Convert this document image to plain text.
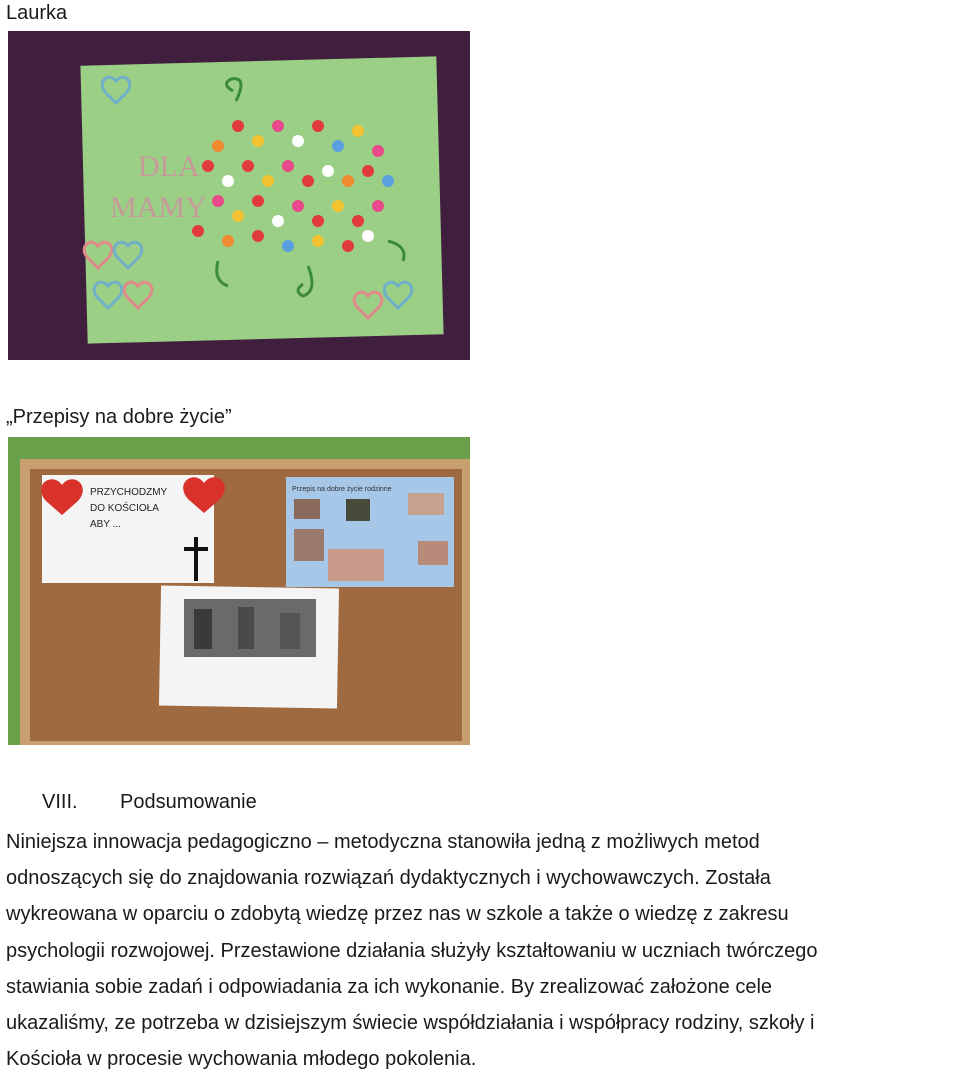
Laurka
DLA
MAMY
„Przepisy na dobre życie”
PRZYCHODZMY
DO KOŚCIOŁA
ABY ...
Przepis na dobre życie rodzinne
VIII. Podsumowanie
Niniejsza innowacja pedagogiczno – metodyczna stanowiła jedną z możliwych metod
odnoszących się do znajdowania rozwiązań dydaktycznych i wychowawczych. Została
wykreowana w oparciu o zdobytą wiedzę przez nas w szkole a także o wiedzę z zakresu
psychologii rozwojowej. Przestawione działania służyły kształtowaniu w uczniach twórczego
stawiania sobie zadań i odpowiadania za ich wykonanie. By zrealizować założone cele
ukazaliśmy, ze potrzeba w dzisiejszym świecie współdziałania i współpracy rodziny, szkoły i
Kościoła w procesie wychowania młodego pokolenia.
